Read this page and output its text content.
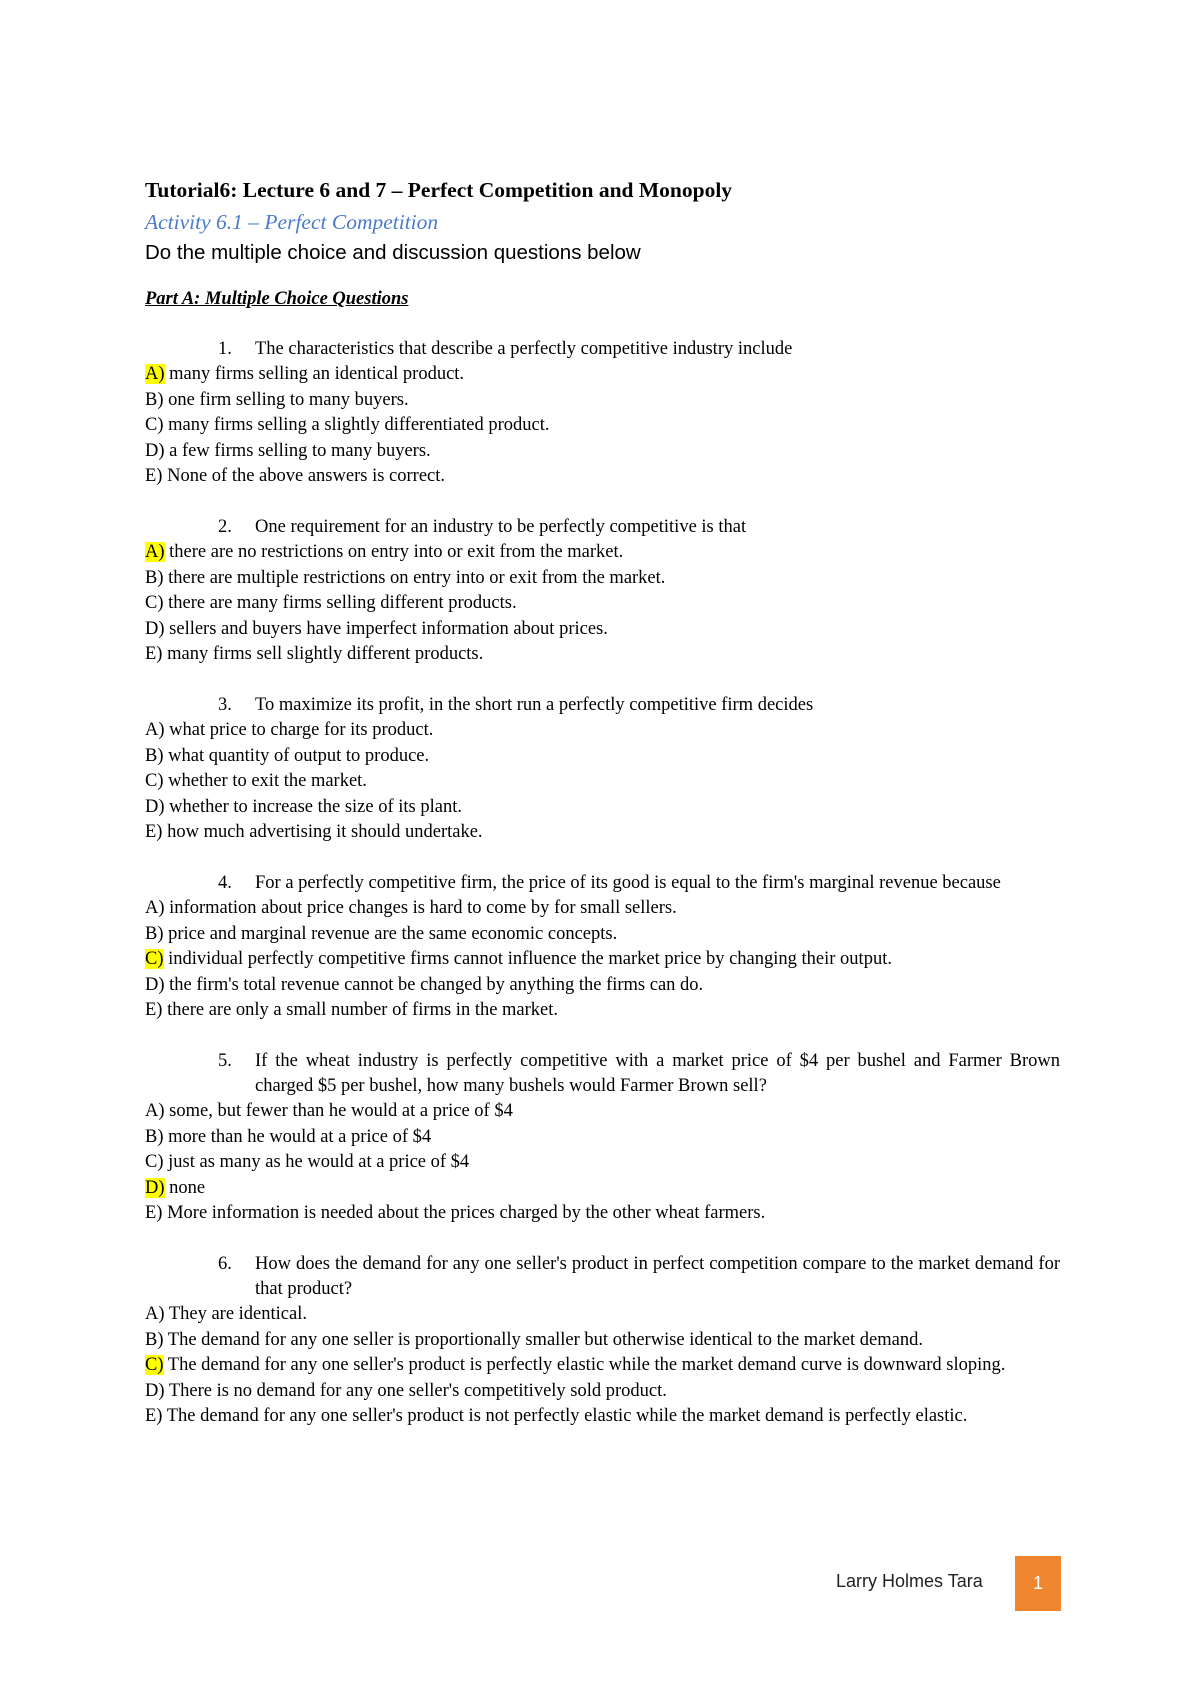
Tutorial6: Lecture 6 and 7 – Perfect Competition and Monopoly

Activity 6.1 – Perfect Competition

Do the multiple choice and discussion questions below

Part A: Multiple Choice Questions

1.	The characteristics that describe a perfectly competitive industry include
A) many firms selling an identical product.
B) one firm selling to many buyers.
C) many firms selling a slightly differentiated product.
D) a few firms selling to many buyers.
E) None of the above answers is correct.
2.	One requirement for an industry to be perfectly competitive is that
A) there are no restrictions on entry into or exit from the market.
B) there are multiple restrictions on entry into or exit from the market.
C) there are many firms selling different products.
D) sellers and buyers have imperfect information about prices.
E) many firms sell slightly different products.
3.	To maximize its profit, in the short run a perfectly competitive firm decides
A) what price to charge for its product.
B) what quantity of output to produce.
C) whether to exit the market.
D) whether to increase the size of its plant.
E) how much advertising it should undertake.
4.	For a perfectly competitive firm, the price of its good is equal to the firm's marginal revenue because
A) information about price changes is hard to come by for small sellers.
B) price and marginal revenue are the same economic concepts.
C) individual perfectly competitive firms cannot influence the market price by changing their output.
D) the firm's total revenue cannot be changed by anything the firms can do.
E) there are only a small number of firms in the market.
5.	If the wheat industry is perfectly competitive with a market price of $4 per bushel and Farmer Brown charged $5 per bushel, how many bushels would Farmer Brown sell?
A) some, but fewer than he would at a price of $4
B) more than he would at a price of $4
C) just as many as he would at a price of $4
D) none
E) More information is needed about the prices charged by the other wheat farmers.
6.	How does the demand for any one seller's product in perfect competition compare to the market demand for that product?
A) They are identical.
B) The demand for any one seller is proportionally smaller but otherwise identical to the market demand.
C) The demand for any one seller's product is perfectly elastic while the market demand curve is downward sloping.
D) There is no demand for any one seller's competitively sold product.
E) The demand for any one seller's product is not perfectly elastic while the market demand is perfectly elastic.
Larry Holmes Tara	1
